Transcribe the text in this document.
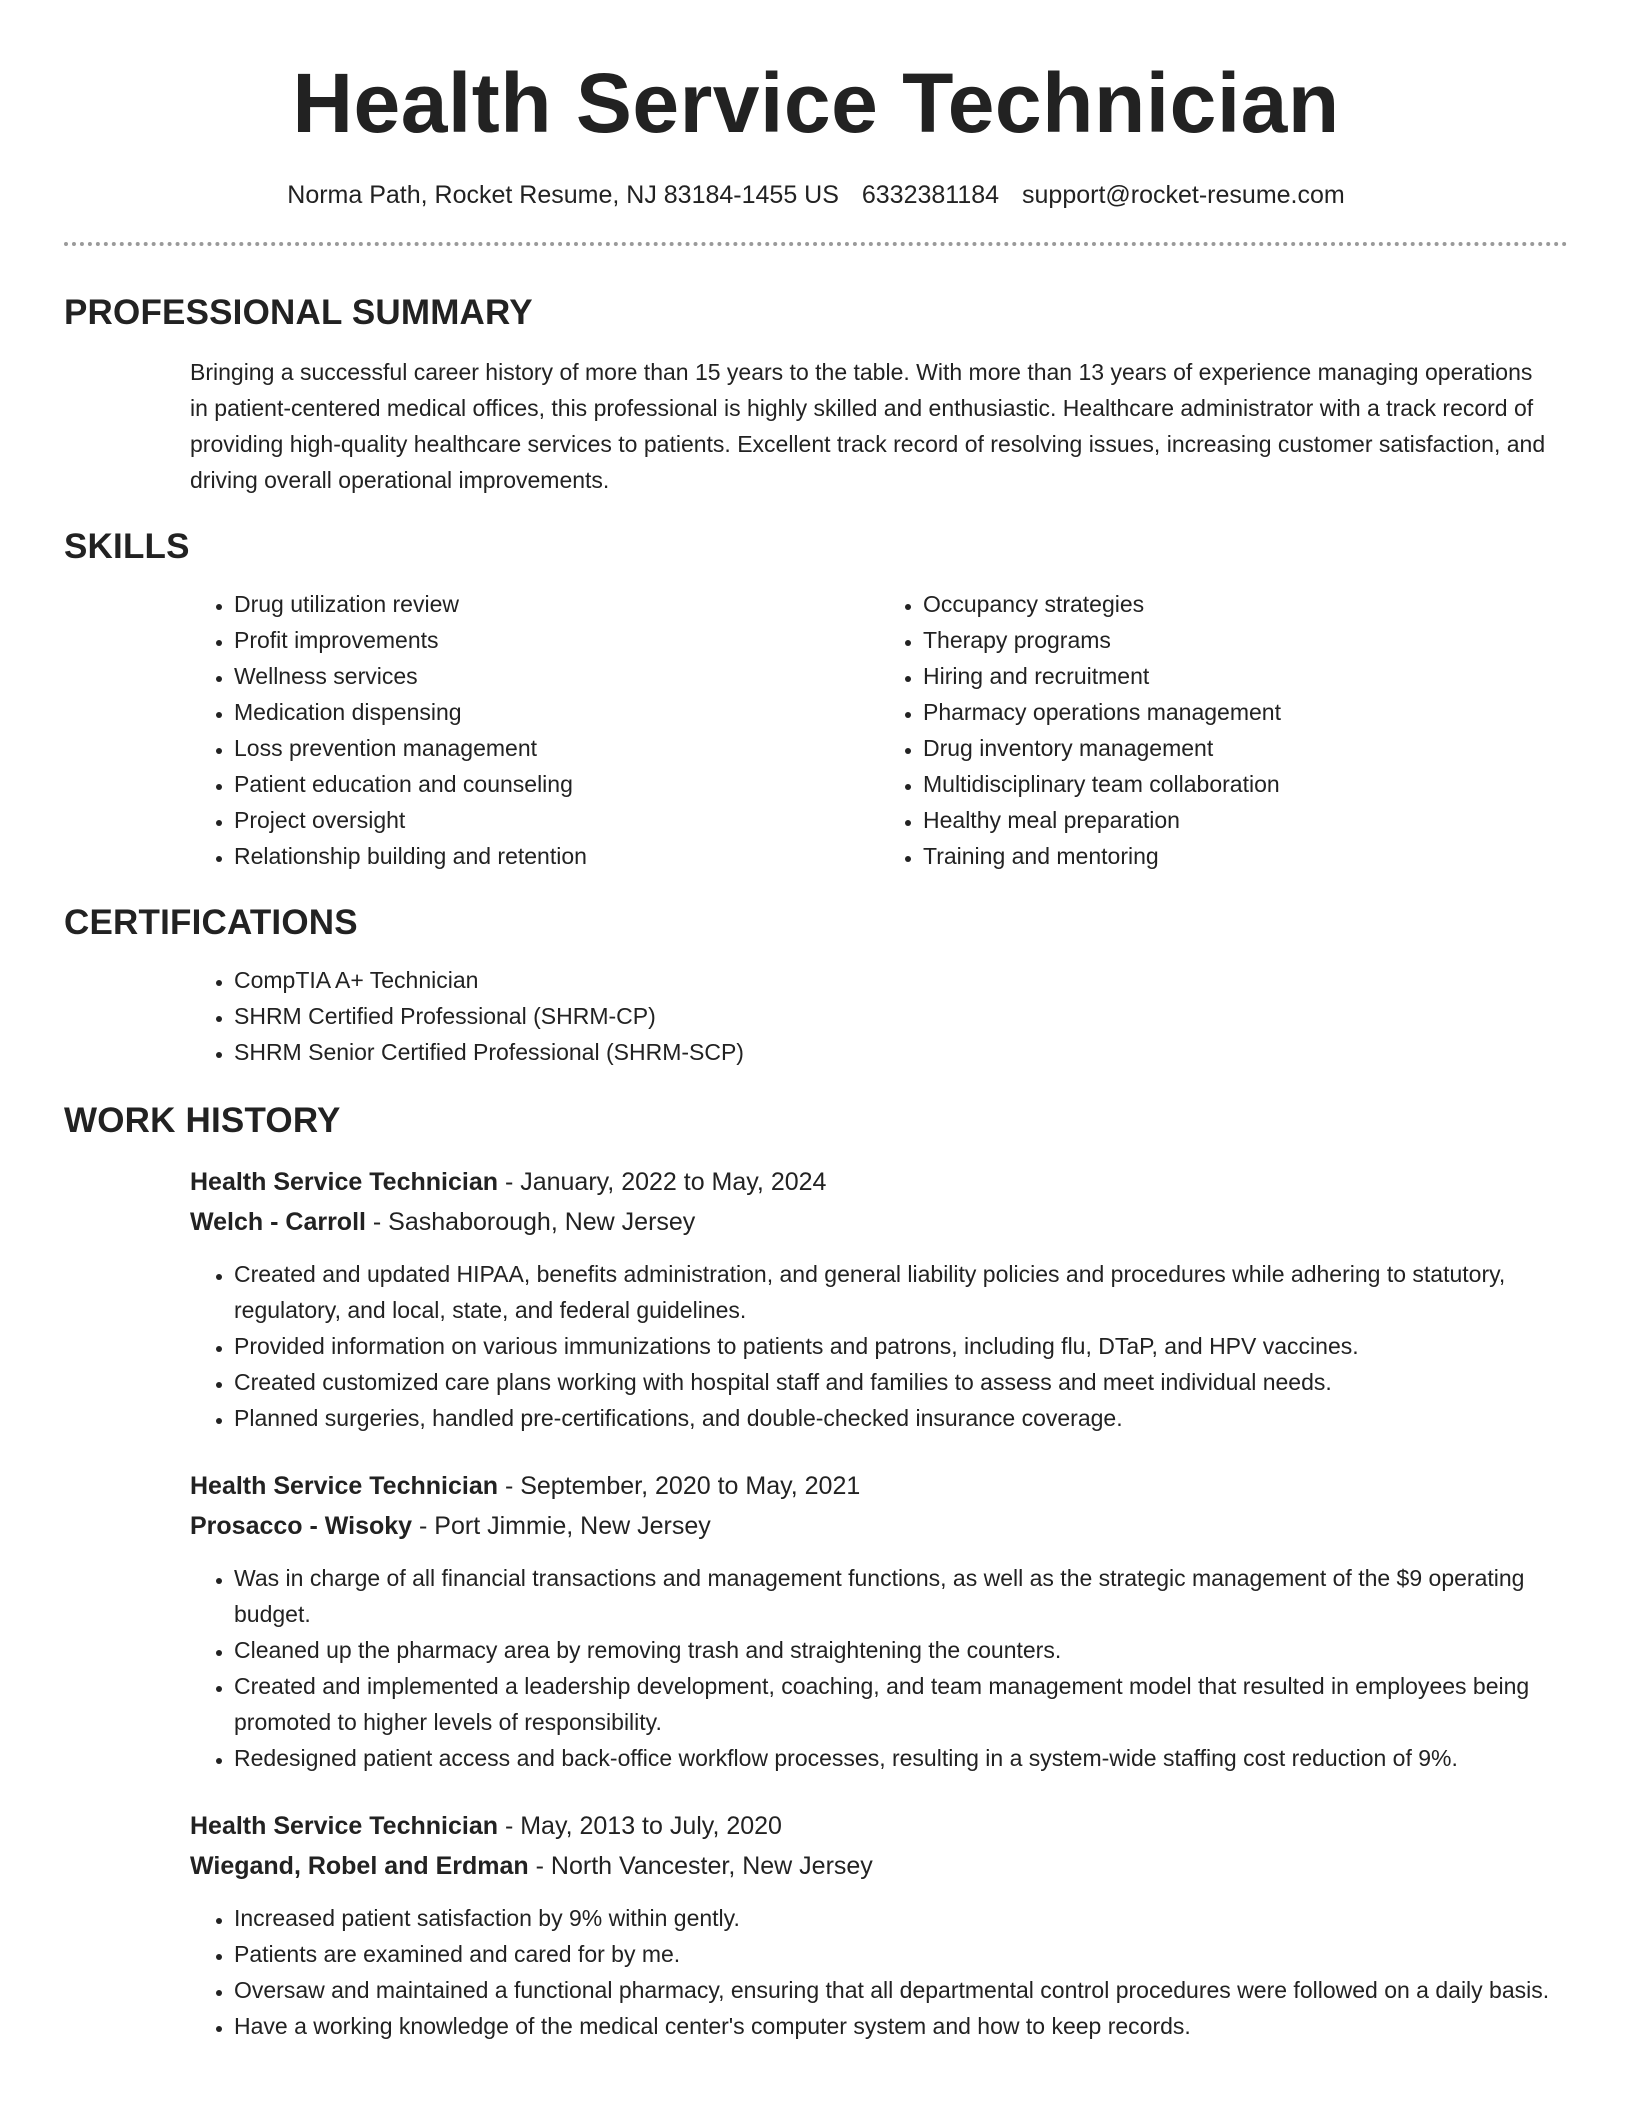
Health Service Technician
Norma Path, Rocket Resume, NJ 83184-1455 US 6332381184 support@rocket-resume.com
PROFESSIONAL SUMMARY
Bringing a successful career history of more than 15 years to the table. With more than 13 years of experience managing operations in patient-centered medical offices, this professional is highly skilled and enthusiastic. Healthcare administrator with a track record of providing high-quality healthcare services to patients. Excellent track record of resolving issues, increasing customer satisfaction, and driving overall operational improvements.
SKILLS
• Drug utilization review
• Profit improvements
• Wellness services
• Medication dispensing
• Loss prevention management
• Patient education and counseling
• Project oversight
• Relationship building and retention
• Occupancy strategies
• Therapy programs
• Hiring and recruitment
• Pharmacy operations management
• Drug inventory management
• Multidisciplinary team collaboration
• Healthy meal preparation
• Training and mentoring
CERTIFICATIONS
• CompTIA A+ Technician
• SHRM Certified Professional (SHRM-CP)
• SHRM Senior Certified Professional (SHRM-SCP)
WORK HISTORY
Health Service Technician - January, 2022 to May, 2024
Welch - Carroll - Sashaborough, New Jersey
• Created and updated HIPAA, benefits administration, and general liability policies and procedures while adhering to statutory, regulatory, and local, state, and federal guidelines.
• Provided information on various immunizations to patients and patrons, including flu, DTaP, and HPV vaccines.
• Created customized care plans working with hospital staff and families to assess and meet individual needs.
• Planned surgeries, handled pre-certifications, and double-checked insurance coverage.
Health Service Technician - September, 2020 to May, 2021
Prosacco - Wisoky - Port Jimmie, New Jersey
• Was in charge of all financial transactions and management functions, as well as the strategic management of the $9 operating budget.
• Cleaned up the pharmacy area by removing trash and straightening the counters.
• Created and implemented a leadership development, coaching, and team management model that resulted in employees being promoted to higher levels of responsibility.
• Redesigned patient access and back-office workflow processes, resulting in a system-wide staffing cost reduction of 9%.
Health Service Technician - May, 2013 to July, 2020
Wiegand, Robel and Erdman - North Vancester, New Jersey
• Increased patient satisfaction by 9% within gently.
• Patients are examined and cared for by me.
• Oversaw and maintained a functional pharmacy, ensuring that all departmental control procedures were followed on a daily basis.
• Have a working knowledge of the medical center's computer system and how to keep records.
